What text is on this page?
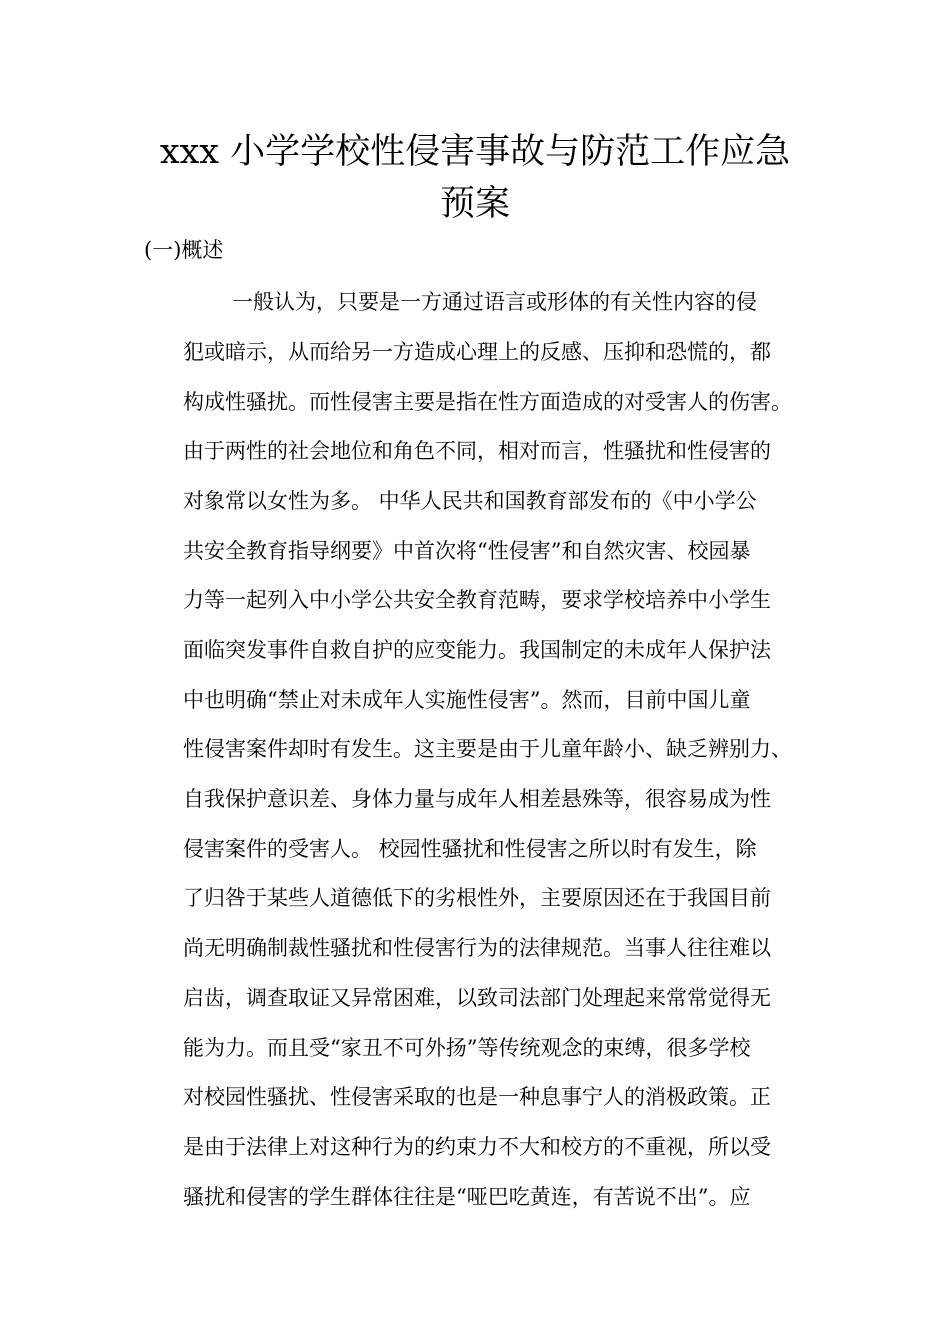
xxx 小学学校性侵害事故与防范工作应急
预案
(一)概述
一般认为，只要是一方通过语言或形体的有关性内容的侵
犯或暗示，从而给另一方造成心理上的反感、压抑和恐慌的，都
构成性骚扰。而性侵害主要是指在性方面造成的对受害人的伤害。
由于两性的社会地位和角色不同，相对而言，性骚扰和性侵害的
对象常以女性为多。 中华人民共和国教育部发布的《中小学公
共安全教育指导纲要》中首次将“性侵害”和自然灾害、校园暴
力等一起列入中小学公共安全教育范畴，要求学校培养中小学生
面临突发事件自救自护的应变能力。我国制定的未成年人保护法
中也明确“禁止对未成年人实施性侵害”。然而，目前中国儿童
性侵害案件却时有发生。这主要是由于儿童年龄小、缺乏辨别力、
自我保护意识差、身体力量与成年人相差悬殊等，很容易成为性
侵害案件的受害人。 校园性骚扰和性侵害之所以时有发生，除
了归咎于某些人道德低下的劣根性外，主要原因还在于我国目前
尚无明确制裁性骚扰和性侵害行为的法律规范。当事人往往难以
启齿，调查取证又异常困难，以致司法部门处理起来常常觉得无
能为力。而且受“家丑不可外扬”等传统观念的束缚，很多学校
对校园性骚扰、性侵害采取的也是一种息事宁人的消极政策。正
是由于法律上对这种行为的约束力不大和校方的不重视，所以受
骚扰和侵害的学生群体往往是“哑巴吃黄连，有苦说不出”。应
